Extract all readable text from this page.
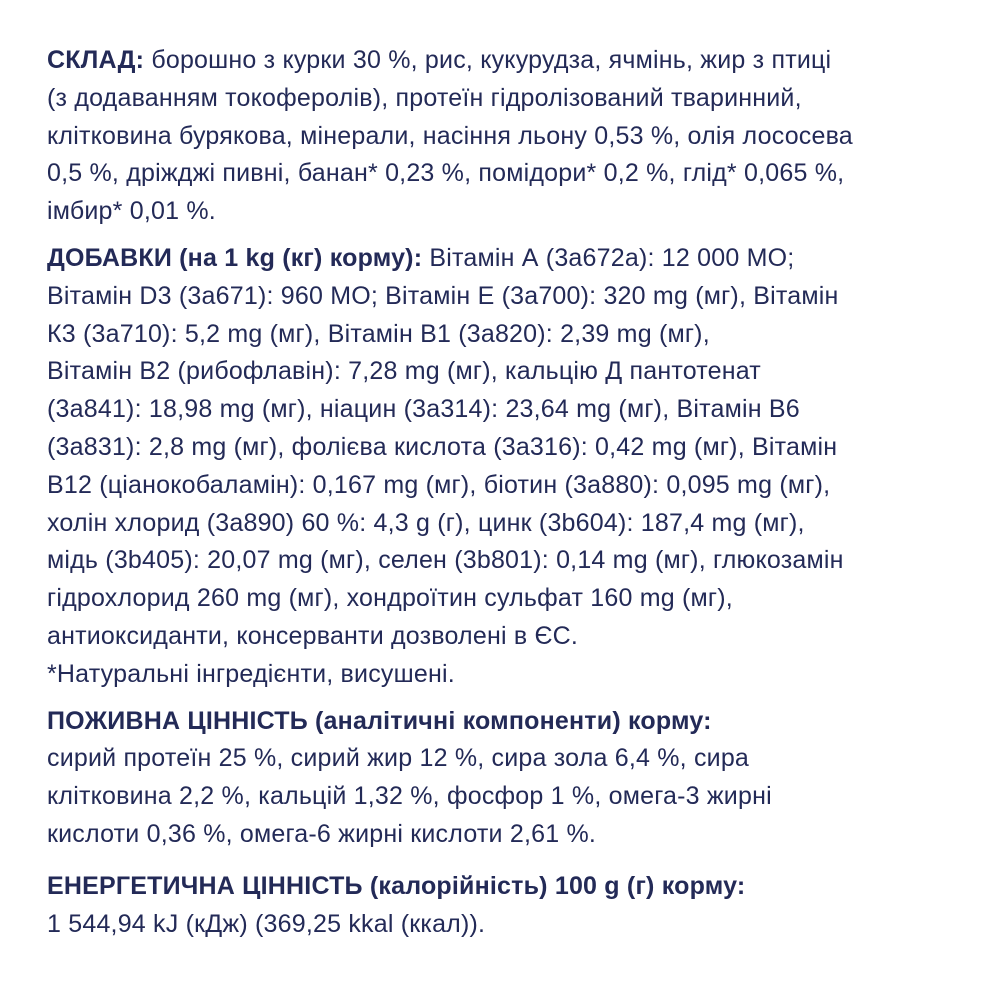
СКЛАД: борошно з курки 30 %, рис, кукурудза, ячмінь, жир з птиці
(з додаванням токоферолів), протеїн гідролізований тваринний,
клітковина бурякова, мінерали, насіння льону 0,53 %, олія лососева
0,5 %, дріжджі пивні, банан* 0,23 %, помідори* 0,2 %, глід* 0,065 %,
імбир* 0,01 %.
ДОБАВКИ (на 1 kg (кг) корму): Вітамін А (3а672а): 12 000 МО;
Вітамін D3 (3а671): 960 МО; Вітамін Е (3а700): 320 mg (мг), Вітамін
К3 (3а710): 5,2 mg (мг), Вітамін В1 (3а820): 2,39 mg (мг),
Вітамін В2 (рибофлавін): 7,28 mg (мг), кальцію Д пантотенат
(3а841): 18,98 mg (мг), ніацин (3а314): 23,64 mg (мг), Вітамін В6
(3а831): 2,8 mg (мг), фолієва кислота (3а316): 0,42 mg (мг), Вітамін
В12 (ціанокобаламін): 0,167 mg (мг), біотин (3а880): 0,095 mg (мг),
холін хлорид (3а890) 60 %: 4,3 g (г), цинк (3b604): 187,4 mg (мг),
мідь (3b405): 20,07 mg (мг), селен (3b801): 0,14 mg (мг), глюкозамін
гідрохлорид 260 mg (мг), хондроїтин сульфат 160 mg (мг),
антиоксиданти, консерванти дозволені в ЄС.
*Натуральні інгредієнти, висушені.
ПОЖИВНА ЦІННІСТЬ (аналітичні компоненти) корму:
сирий протеїн 25 %, сирий жир 12 %, сира зола 6,4 %, сира
клітковина 2,2 %, кальцій 1,32 %, фосфор 1 %, омега-3 жирні
кислоти 0,36 %, омега-6 жирні кислоти 2,61 %.
ЕНЕРГЕТИЧНА ЦІННІСТЬ (калорійність) 100 g (г) корму:
1 544,94 kJ (кДж) (369,25 kkal (ккал)).
